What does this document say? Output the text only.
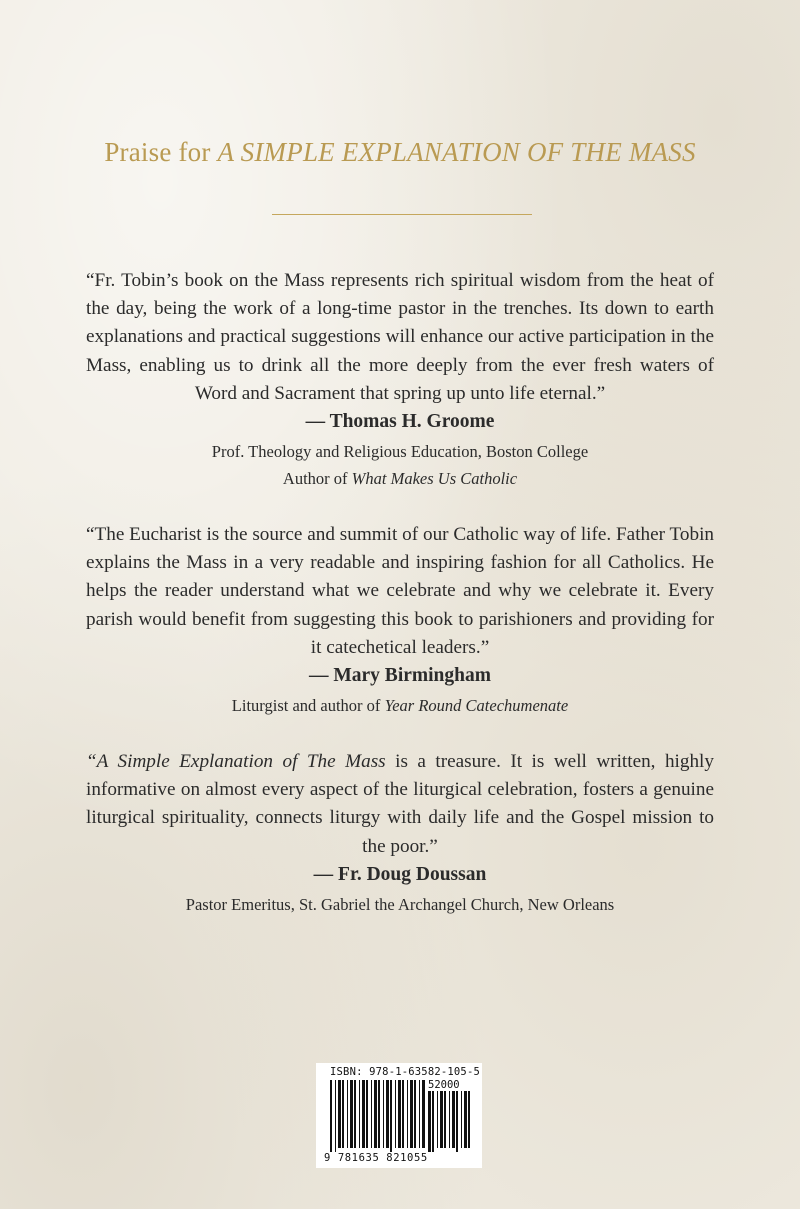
Praise for A SIMPLE EXPLANATION OF THE MASS

“Fr. Tobin’s book on the Mass represents rich spiritual wisdom from the heat of the day, being the work of a long-time pastor in the trenches. Its down to earth explanations and practical suggestions will enhance our active participation in the Mass, enabling us to drink all the more deeply from the ever fresh waters of Word and Sacrament that spring up unto life eternal.”

— Thomas H. Groome
Prof. Theology and Religious Education, Boston College
Author of What Makes Us Catholic

“The Eucharist is the source and summit of our Catholic way of life. Father Tobin explains the Mass in a very readable and inspiring fashion for all Catholics. He helps the reader understand what we celebrate and why we celebrate it. Every parish would benefit from suggesting this book to parishioners and providing for it catechetical leaders.”

— Mary Birmingham
Liturgist and author of Year Round Catechumenate

“A Simple Explanation of The Mass is a treasure. It is well written, highly informative on almost every aspect of the liturgical celebration, fosters a genuine liturgical spirituality, connects liturgy with daily life and the Gospel mission to the poor.”

— Fr. Doug Doussan
Pastor Emeritus, St. Gabriel the Archangel Church, New Orleans
ISBN: 978-1-63582-105-5
52000
9 781635 821055
